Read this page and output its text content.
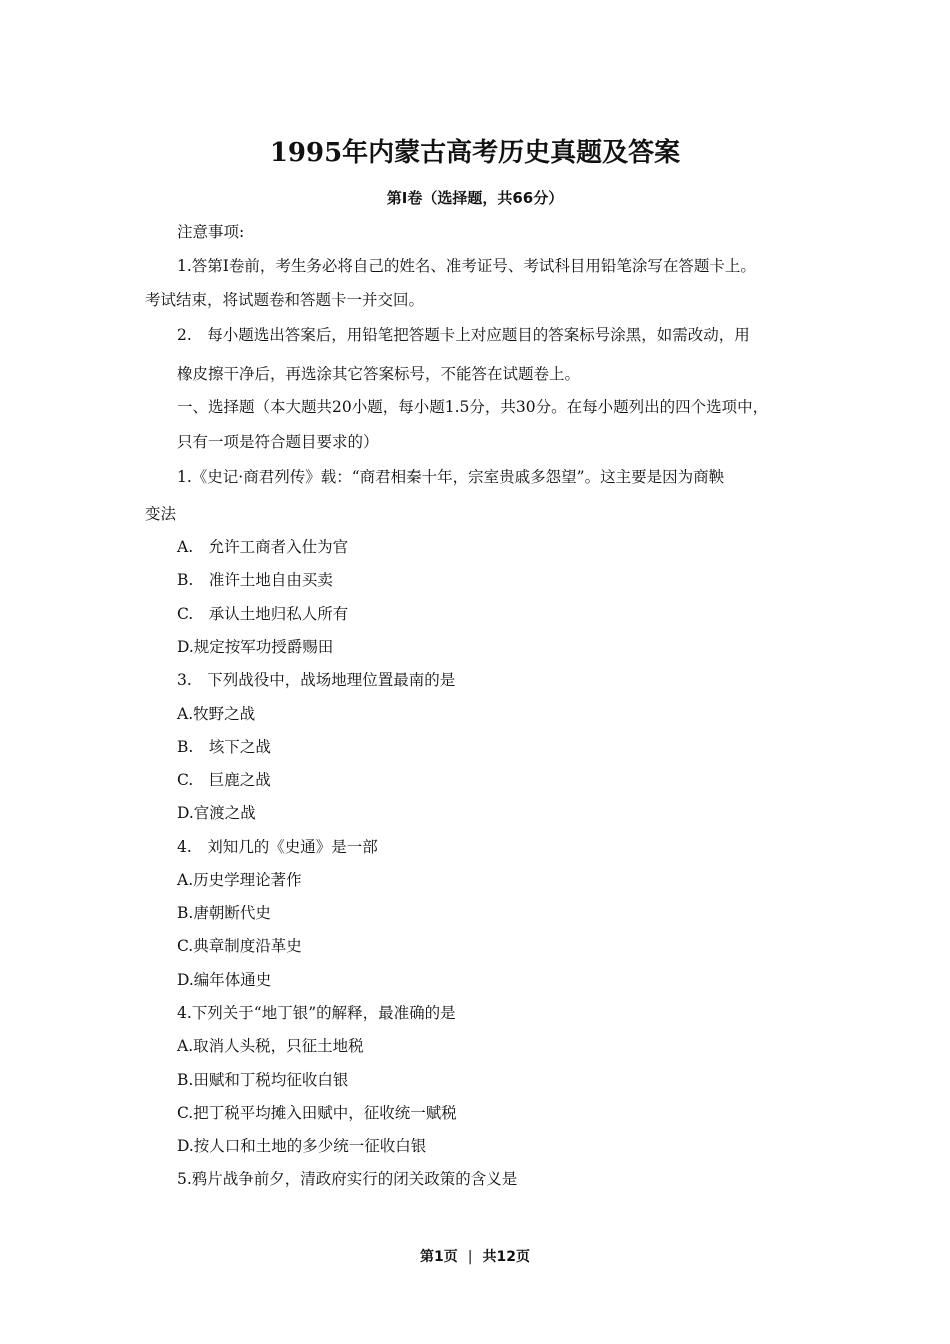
1995年内蒙古高考历史真题及答案
第Ⅰ卷（选择题，共66分）
注意事项:
1.答第Ⅰ卷前，考生务必将自己的姓名、准考证号、考试科目用铅笔涂写在答题卡上。
考试结束，将试题卷和答题卡一并交回。
2.　每小题选出答案后，用铅笔把答题卡上对应题目的答案标号涂黑，如需改动，用
橡皮擦干净后，再选涂其它答案标号，不能答在试题卷上。
一、选择题（本大题共20小题，每小题1.5分，共30分。在每小题列出的四个选项中，
只有一项是符合题目要求的）
1.《史记·商君列传》载：“商君相秦十年，宗室贵戚多怨望”。这主要是因为商鞅
变法
A.　允许工商者入仕为官
B.　准许土地自由买卖
C.　承认土地归私人所有
D.规定按军功授爵赐田
3.　下列战役中，战场地理位置最南的是
A.牧野之战
B.　垓下之战
C.　巨鹿之战
D.官渡之战
4.　刘知几的《史通》是一部
A.历史学理论著作
B.唐朝断代史
C.典章制度沿革史
D.编年体通史
4.下列关于“地丁银”的解释，最准确的是
A.取消人头税，只征土地税
B.田赋和丁税均征收白银
C.把丁税平均摊入田赋中，征收统一赋税
D.按人口和土地的多少统一征收白银
5.鸦片战争前夕，清政府实行的闭关政策的含义是
第1页 | 共12页
